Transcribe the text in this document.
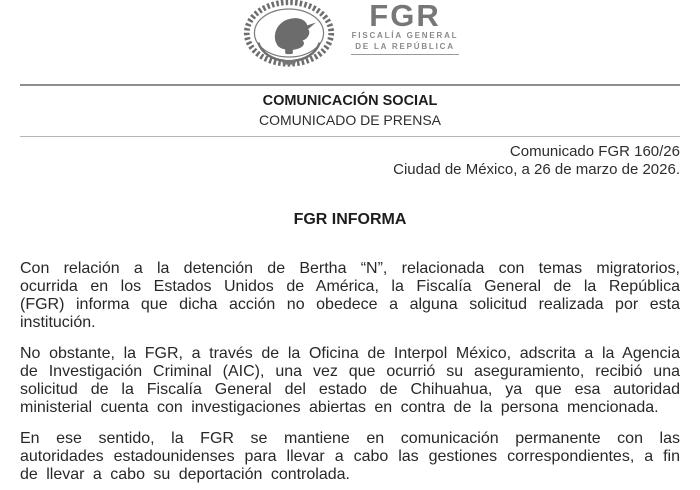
FGR
FISCALÍA GENERAL
DE LA REPÚBLICA
COMUNICACIÓN SOCIAL
COMUNICADO DE PRENSA
Comunicado FGR 160/26
Ciudad de México, a 26 de marzo de 2026.
FGR INFORMA

Con relación a la detención de Bertha “N”, relacionada con temas migratorios, ocurrida en los Estados Unidos de América, la Fiscalía General de la República (FGR) informa que dicha acción no obedece a alguna solicitud realizada por esta institución.

No obstante, la FGR, a través de la Oficina de Interpol México, adscrita a la Agencia de Investigación Criminal (AIC), una vez que ocurrió su aseguramiento, recibió una solicitud de la Fiscalía General del estado de Chihuahua, ya que esa autoridad ministerial cuenta con investigaciones abiertas en contra de la persona mencionada.

En ese sentido, la FGR se mantiene en comunicación permanente con las autoridades estadounidenses para llevar a cabo las gestiones correspondientes, a fin de llevar a cabo su deportación controlada.
